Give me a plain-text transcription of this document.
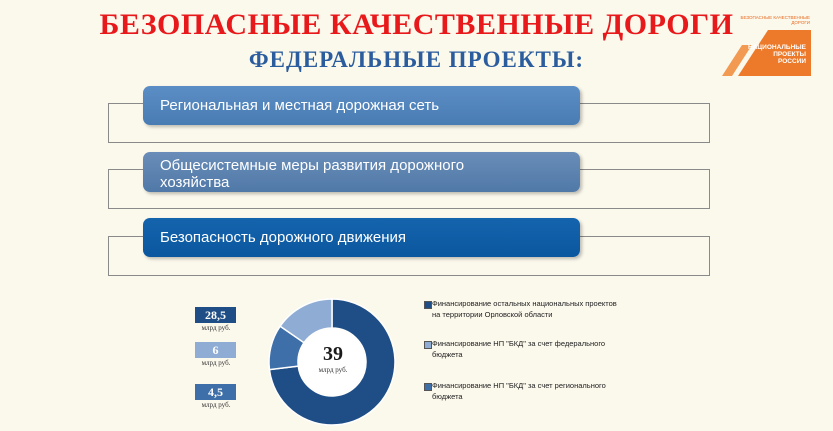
БЕЗОПАСНЫЕ КАЧЕСТВЕННЫЕ ДОРОГИ
ФЕДЕРАЛЬНЫЕ ПРОЕКТЫ:
БЕЗОПАСНЫЕ КАЧЕСТВЕННЫЕ ДОРОГИ
НАЦИОНАЛЬНЫЕ
ПРОЕКТЫ
РОССИИ
Региональная и местная дорожная сеть
Общесистемные меры развития дорожного
хозяйства
Безопасность дорожного движения
28,5
млрд руб.
6
млрд руб.
4,5
млрд руб.
39
млрд руб.
Финансирование остальных национальных проектов на территории Орловской области
Финансирование НП "БКД" за счет федерального бюджета
Финансирование НП "БКД" за счет регионального бюджета
